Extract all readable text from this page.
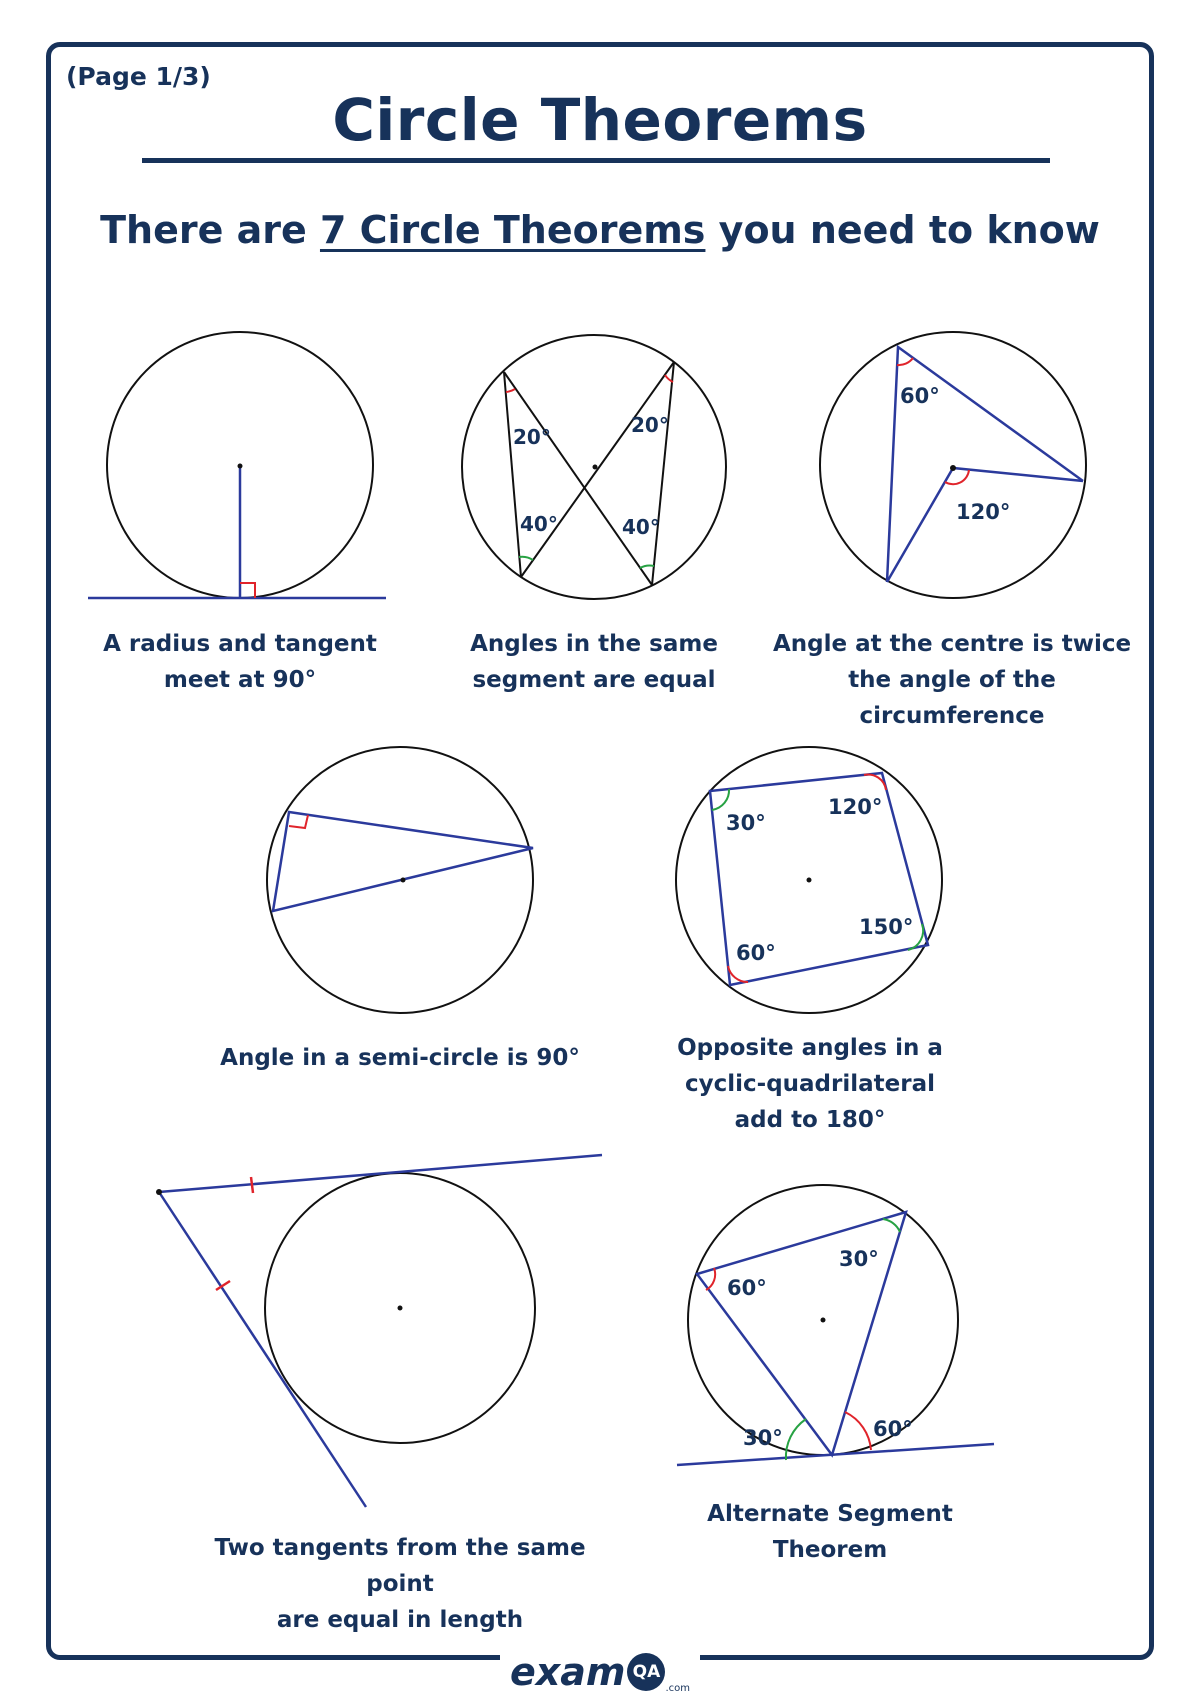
(Page 1/3)
Circle Theorems
There are 7 Circle Theorems you need to know
20°	20°
40°	40°
60°
120°
30°
120°
150°
60°
60°
30°
30°	60°
A radius and tangent
meet at 90°
Angles in the same
segment are equal
Angle at the centre is twice
the angle of the circumference
Angle in a semi-circle is 90°	Opposite angles in a
cyclic-quadrilateral
add to 180°
Two tangents from the same point
are equal in length
Alternate Segment Theorem
exam QA.com
